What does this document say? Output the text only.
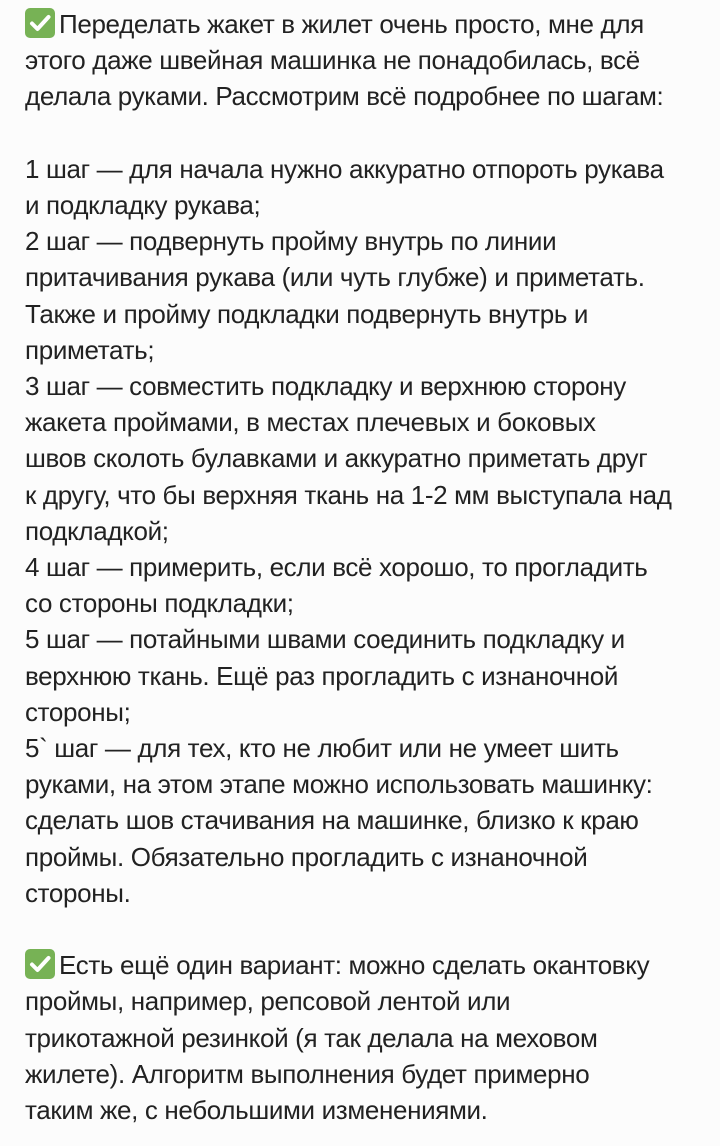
Переделать жакет в жилет очень просто, мне для
этого даже швейная машинка не понадобилась, всё
делала руками. Рассмотрим всё подробнее по шагам:

1 шаг — для начала нужно аккуратно отпороть рукава
и подкладку рукава;

2 шаг — подвернуть пройму внутрь по линии
притачивания рукава (или чуть глубже) и приметать.
Также и пройму подкладки подвернуть внутрь и
приметать;

3 шаг — совместить подкладку и верхнюю сторону
жакета проймами, в местах плечевых и боковых
швов сколоть булавками и аккуратно приметать друг
к другу, что бы верхняя ткань на 1-2 мм выступала над
подкладкой;

4 шаг — примерить, если всё хорошо, то прогладить
со стороны подкладки;

5 шаг — потайными швами соединить подкладку и
верхнюю ткань. Ещё раз прогладить с изнаночной
стороны;

5` шаг — для тех, кто не любит или не умеет шить
руками, на этом этапе можно использовать машинку:
сделать шов стачивания на машинке, близко к краю
проймы. Обязательно прогладить с изнаночной
стороны.

Есть ещё один вариант: можно сделать окантовку
проймы, например, репсовой лентой или
трикотажной резинкой (я так делала на меховом
жилете). Алгоритм выполнения будет примерно
таким же, с небольшими изменениями.
